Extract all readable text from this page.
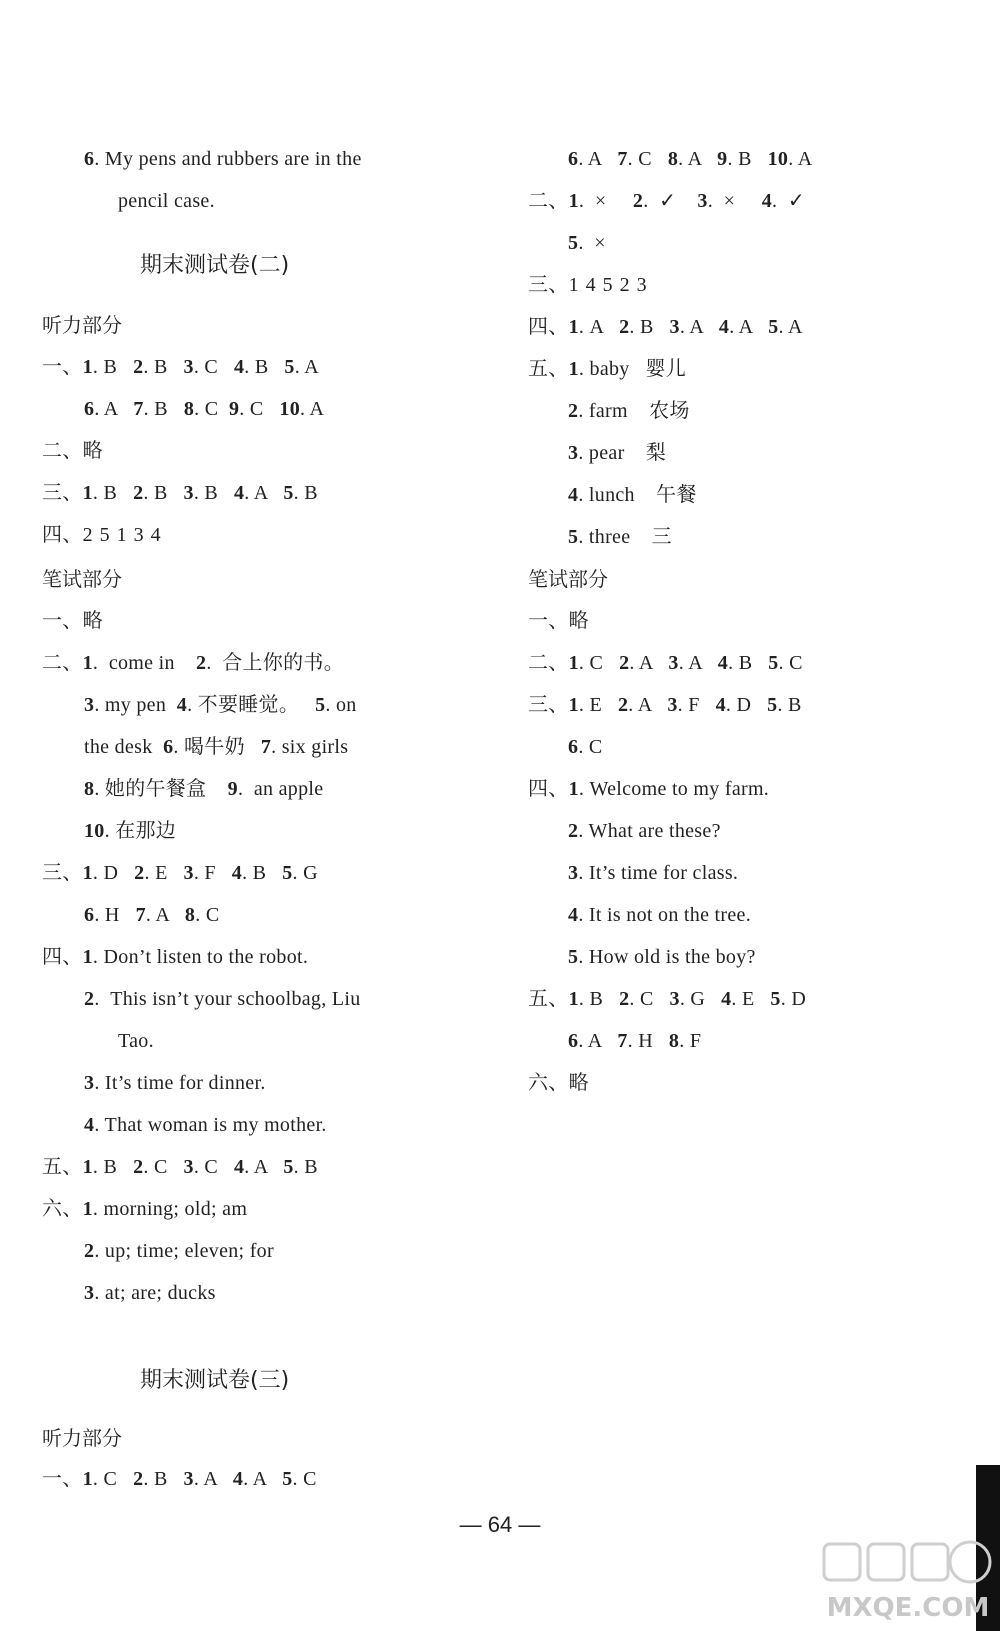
6. My pens and rubbers are in the
pencil case.
一、1. B   2. B   3. C   4. B   5. A
6. A   7. B   8. C  9. C   10. A
二、略
三、1. B   2. B   3. B   4. A   5. B
四、25134
一、略
二、1.  come in    2.  合上你的书。
3. my pen  4. 不要睡觉。   5. on
the desk  6. 喝牛奶   7. six girls
8. 她的午餐盒    9.  an apple
10. 在那边
三、1. D   2. E   3. F   4. B   5. G
6. H   7. A   8. C
四、1. Don’t listen to the robot.
2.  This isn’t your schoolbag, Liu
Tao.
3. It’s time for dinner.
4. That woman is my mother.
五、1. B   2. C   3. C   4. A   5. B
六、1. morning; old; am
2. up; time; eleven; for
3. at; are; ducks
一、1. C   2. B   3. A   4. A   5. C
期末测试卷(二)
期末测试卷(三)
听力部分
笔试部分
听力部分
6. A   7. C   8. A   9. B   10. A
二、1.  ×     2.  ✓    3.  ×     4.  ✓
5.  ×
三、14523
四、1. A   2. B   3. A   4. A   5. A
五、1. baby   婴儿
2. farm    农场
3. pear    梨
4. lunch    午餐
5. three    三
一、略
二、1. C   2. A   3. A   4. B   5. C
三、1. E   2. A   3. F   4. D   5. B
6. C
四、1. Welcome to my farm.
2. What are these?
3. It’s time for class.
4. It is not on the tree.
5. How old is the boy?
五、1. B   2. C   3. G   4. E   5. D
6. A   7. H   8. F
六、略
笔试部分
— 64 —
MXQE.COM
